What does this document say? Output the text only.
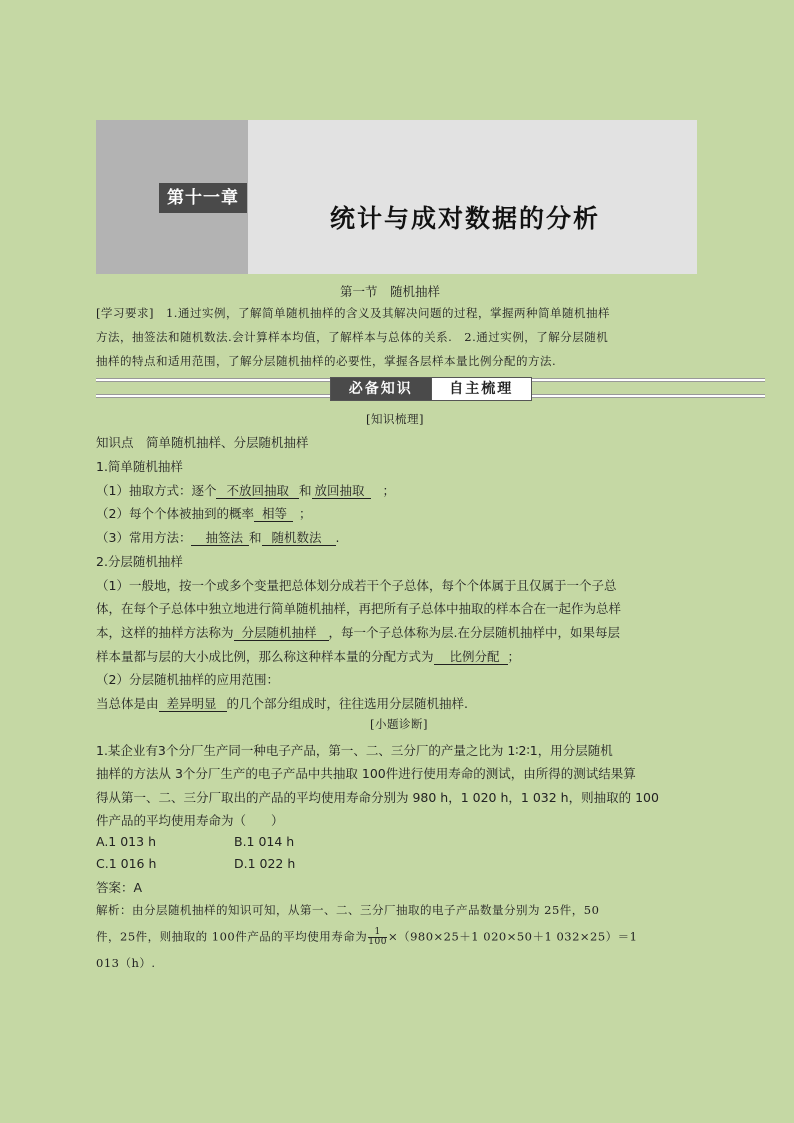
第十一章
统计与成对数据的分析
第一节　随机抽样
[学习要求]　1.通过实例，了解简单随机抽样的含义及其解决问题的过程，掌握两种简单随机抽样
方法，抽签法和随机数法.会计算样本均值，了解样本与总体的关系.　2.通过实例，了解分层随机
抽样的特点和适用范围，了解分层随机抽样的必要性，掌握各层样本量比例分配的方法.
必备知识	自主梳理
[知识梳理]
知识点　简单随机抽样、分层随机抽样
1.简单随机抽样
（1）抽取方式：逐个 不放回抽取 和 放回抽取 ；
（2）每个个体被抽到的概率 相等 ；
（3）常用方法： 抽签法 和 随机数法 .
2.分层随机抽样
（1）一般地，按一个或多个变量把总体划分成若干个子总体，每个个体属于且仅属于一个子总
体，在每个子总体中独立地进行简单随机抽样，再把所有子总体中抽取的样本合在一起作为总样
本，这样的抽样方法称为 分层随机抽样 ，每一个子总体称为层.在分层随机抽样中，如果每层
样本量都与层的大小成比例，那么称这种样本量的分配方式为 比例分配 ；
（2）分层随机抽样的应用范围：
当总体是由 差异明显 的几个部分组成时，往往选用分层随机抽样.
[小题诊断]
1.某企业有3个分厂生产同一种电子产品，第一、二、三分厂的产量之比为 1∶2∶1，用分层随机
抽样的方法从 3个分厂生产的电子产品中共抽取 100件进行使用寿命的测试，由所得的测试结果算
得从第一、二、三分厂取出的产品的平均使用寿命分别为 980 h，1 020 h，1 032 h，则抽取的 100
件产品的平均使用寿命为（　　）
A.1 013 h	B.1 014 h
C.1 016 h	D.1 022 h
答案：A
解析：由分层随机抽样的知识可知，从第一、二、三分厂抽取的电子产品数量分别为 25件，50
件，25件，则抽取的 100件产品的平均使用寿命为 $\frac{1}{100} \times(980\times 25+1$ 020×50＋1 032×25）＝1
013（h）.
